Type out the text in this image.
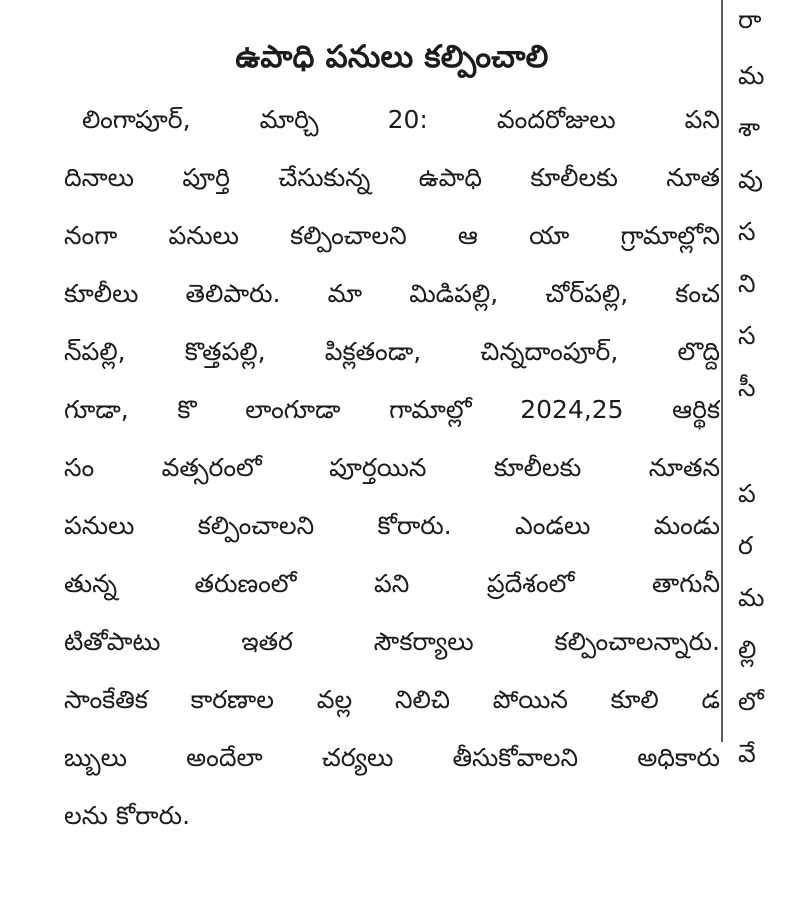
ఉపాధి పనులు కల్పించాలి
లింగాపూర్, మార్చి 20: వందరోజులు పని
దినాలు పూర్తి చేసుకున్న ఉపాధి కూలీలకు నూత
నంగా పనులు కల్పించాలని ఆ యా గ్రామాల్లోని
కూలీలు తెలిపారు. మా మిడిపల్లి, చోర్‌పల్లి, కంచ
న్‌పల్లి, కొత్తపల్లి, పిక్లతండా, చిన్నదాంపూర్, లొద్ది
గూడా, కొ లాంగూడా గామాల్లో 2024,25 ఆర్థిక
సం వత్సరంలో పూర్తయిన కూలీలకు నూతన
పనులు కల్పించాలని కోరారు. ఎండలు మండు
తున్న తరుణంలో పని ప్రదేశంలో తాగునీ
టితోపాటు ఇతర సౌకర్యాలు కల్పించాలన్నారు.
సాంకేతిక కారణాల వల్ల నిలిచి పోయిన కూలి డ
బ్బులు అందేలా చర్యలు తీసుకోవాలని అధికారు
లను కోరారు.
రా
మ
శా
వు
స
ని
స
సీ
ప
ర
మ
ల్లి
లో
వే
